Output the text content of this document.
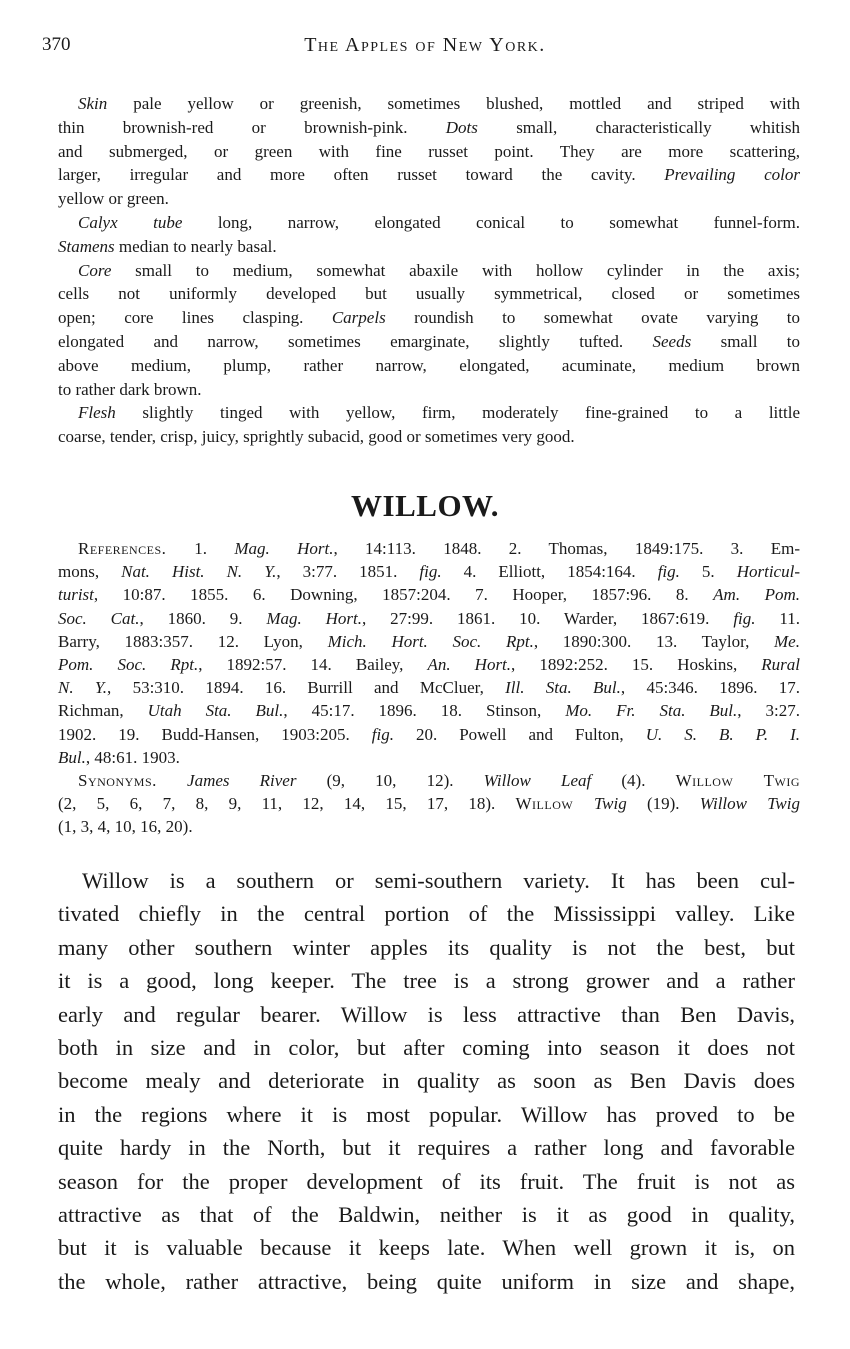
370	The Apples of New York.
Skin pale yellow or greenish, sometimes blushed, mottled and striped with
thin brownish-red or brownish-pink. Dots small, characteristically whitish
and submerged, or green with fine russet point. They are more scattering,
larger, irregular and more often russet toward the cavity. Prevailing color
yellow or green.
Calyx tube long, narrow, elongated conical to somewhat funnel-form.
Stamens median to nearly basal.
Core small to medium, somewhat abaxile with hollow cylinder in the axis;
cells not uniformly developed but usually symmetrical, closed or sometimes
open; core lines clasping. Carpels roundish to somewhat ovate varying to
elongated and narrow, sometimes emarginate, slightly tufted. Seeds small to
above medium, plump, rather narrow, elongated, acuminate, medium brown
to rather dark brown.
Flesh slightly tinged with yellow, firm, moderately fine-grained to a little
coarse, tender, crisp, juicy, sprightly subacid, good or sometimes very good.
WILLOW.
References. 1. Mag. Hort., 14:113. 1848. 2. Thomas, 1849:175. 3. Em-
mons, Nat. Hist. N. Y., 3:77. 1851. fig. 4. Elliott, 1854:164. fig. 5. Horticul-
turist, 10:87. 1855. 6. Downing, 1857:204. 7. Hooper, 1857:96. 8. Am. Pom.
Soc. Cat., 1860. 9. Mag. Hort., 27:99. 1861. 10. Warder, 1867:619. fig. 11.
Barry, 1883:357. 12. Lyon, Mich. Hort. Soc. Rpt., 1890:300. 13. Taylor, Me.
Pom. Soc. Rpt., 1892:57. 14. Bailey, An. Hort., 1892:252. 15. Hoskins, Rural
N. Y., 53:310. 1894. 16. Burrill and McCluer, Ill. Sta. Bul., 45:346. 1896. 17.
Richman, Utah Sta. Bul., 45:17. 1896. 18. Stinson, Mo. Fr. Sta. Bul., 3:27.
1902. 19. Budd-Hansen, 1903:205. fig. 20. Powell and Fulton, U. S. B. P. I.
Bul., 48:61. 1903.
Synonyms. James River (9, 10, 12). Willow Leaf (4). Willow Twig
(2, 5, 6, 7, 8, 9, 11, 12, 14, 15, 17, 18). Willow Twig (19). Willow Twig
(1, 3, 4, 10, 16, 20).
Willow is a southern or semi-southern variety. It has been cul-
tivated chiefly in the central portion of the Mississippi valley. Like
many other southern winter apples its quality is not the best, but
it is a good, long keeper. The tree is a strong grower and a rather
early and regular bearer. Willow is less attractive than Ben Davis,
both in size and in color, but after coming into season it does not
become mealy and deteriorate in quality as soon as Ben Davis does
in the regions where it is most popular. Willow has proved to be
quite hardy in the North, but it requires a rather long and favorable
season for the proper development of its fruit. The fruit is not as
attractive as that of the Baldwin, neither is it as good in quality,
but it is valuable because it keeps late. When well grown it is, on
the whole, rather attractive, being quite uniform in size and shape,
